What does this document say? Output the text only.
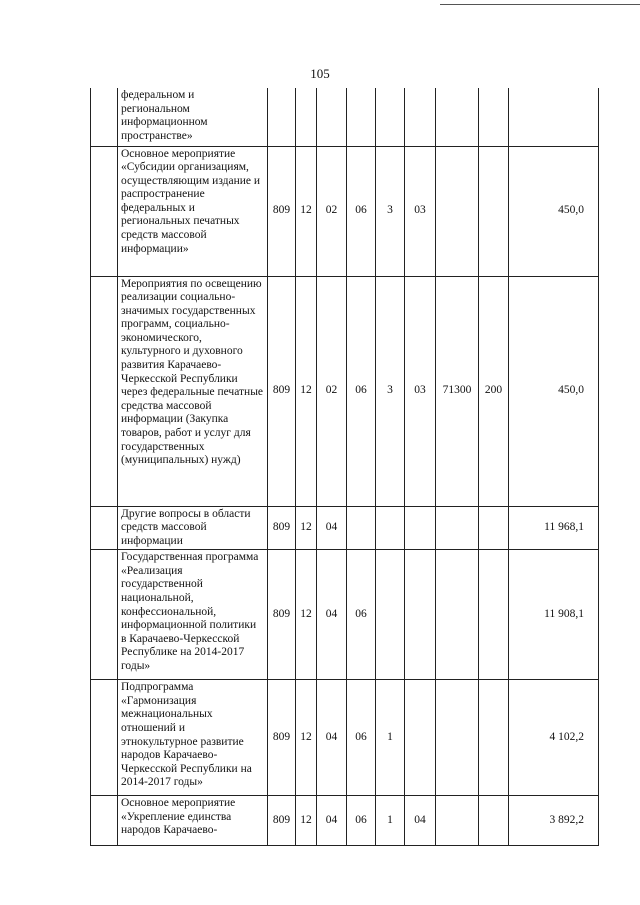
105
	федеральном и региональном информационном пространстве»									
	Основное мероприятие «Субсидии организациям, осуществляющим издание и распространение федеральных и региональных печатных средств массовой информации»	809	12	02	06	3	03			450,0
	Мероприятия по освещению реализации социально-значимых государственных программ, социально-экономического, культурного и духовного развития Карачаево-Черкесской Республики через федеральные печатные средства массовой информации (Закупка товаров, работ и услуг для государственных (муниципальных) нужд)	809	12	02	06	3	03	71300	200	450,0
	Другие вопросы в области средств массовой информации	809	12	04						11 968,1
	Государственная программа «Реализация государственной национальной, конфессиональной, информационной политики в Карачаево-Черкесской Республике на 2014-2017 годы»	809	12	04	06					11 908,1
	Подпрограмма «Гармонизация межнациональных отношений и этнокультурное развитие народов Карачаево-Черкесской Республики на 2014-2017 годы»	809	12	04	06	1				4 102,2
	Основное мероприятие «Укрепление единства народов Карачаево-	809	12	04	06	1	04			3 892,2
